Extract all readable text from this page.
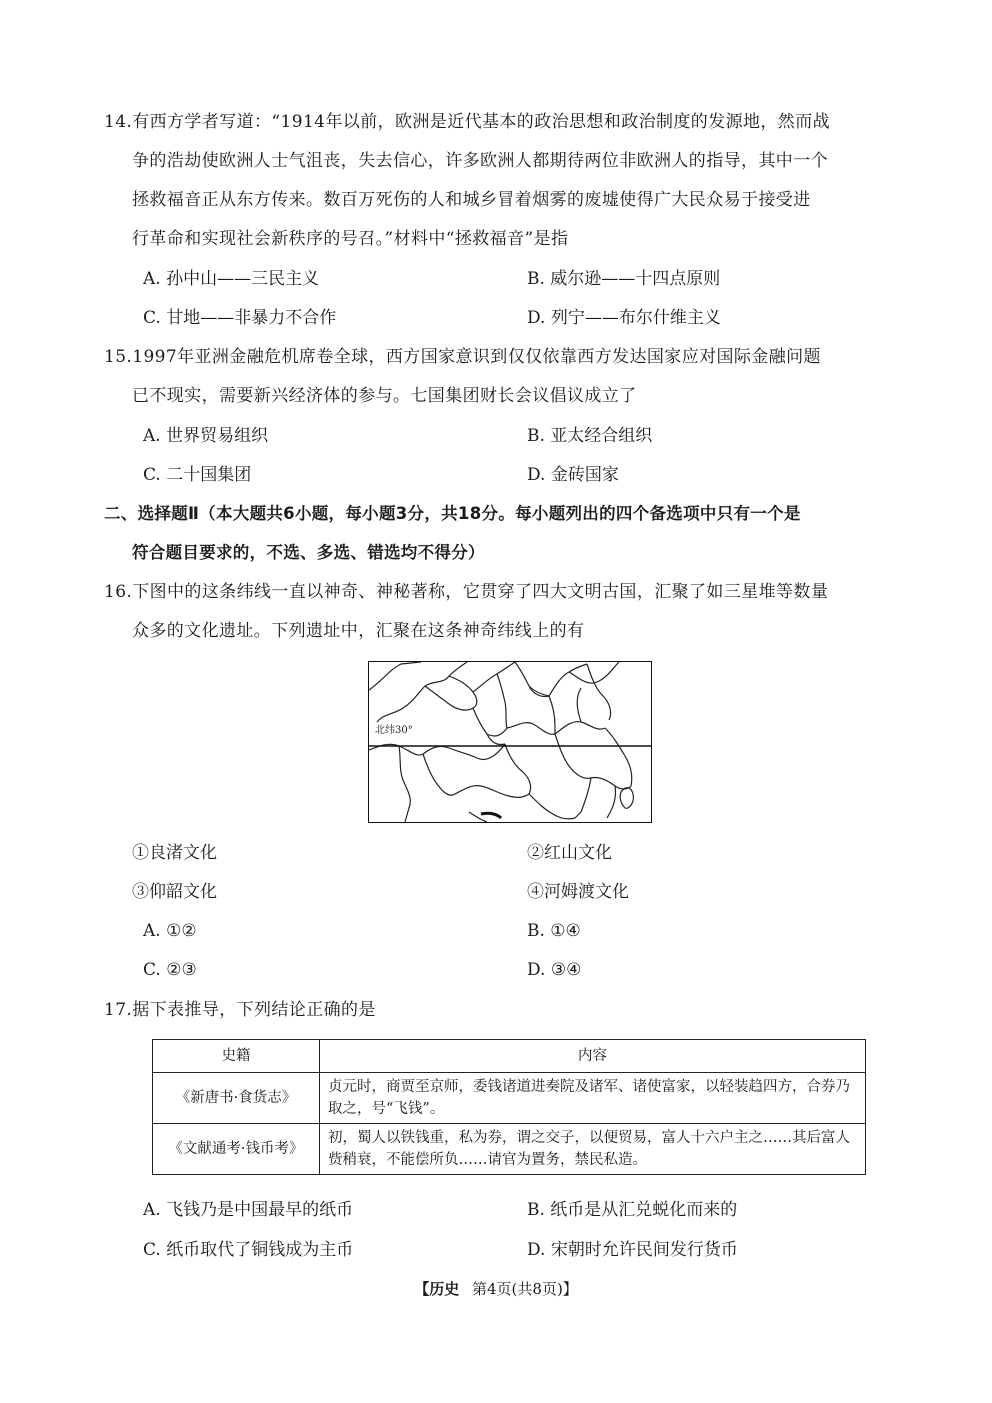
14.有西方学者写道：“1914年以前，欧洲是近代基本的政治思想和政治制度的发源地，然而战
争的浩劫使欧洲人士气沮丧，失去信心，许多欧洲人都期待两位非欧洲人的指导，其中一个
拯救福音正从东方传来。数百万死伤的人和城乡冒着烟雾的废墟使得广大民众易于接受进
行革命和实现社会新秩序的号召。”材料中“拯救福音”是指
A. 孙中山——三民主义	B. 威尔逊——十四点原则
C. 甘地——非暴力不合作	D. 列宁——布尔什维主义
15.1997年亚洲金融危机席卷全球，西方国家意识到仅仅依靠西方发达国家应对国际金融问题
已不现实，需要新兴经济体的参与。七国集团财长会议倡议成立了
A. 世界贸易组织	B. 亚太经合组织
C. 二十国集团	D. 金砖国家
二、选择题Ⅱ（本大题共6小题，每小题3分，共18分。每小题列出的四个备选项中只有一个是
符合题目要求的，不选、多选、错选均不得分）
16.下图中的这条纬线一直以神奇、神秘著称，它贯穿了四大文明古国，汇聚了如三星堆等数量
众多的文化遗址。下列遗址中，汇聚在这条神奇纬线上的有
北纬30°
①良渚文化	②红山文化
③仰韶文化	④河姆渡文化
A. ①②	B. ①④
C. ②③	D. ③④
17.据下表推导，下列结论正确的是
史籍	内容
《新唐书·食货志》	贞元时，商贾至京师，委钱诸道进奏院及诸军、诸使富家，以轻装趋四方，合券乃取之，号“飞钱”。
《文献通考·钱币考》	初，蜀人以铁钱重，私为券，谓之交子，以便贸易，富人十六户主之……其后富人赀稍衰，不能偿所负……请官为置务，禁民私造。
A. 飞钱乃是中国最早的纸币	B. 纸币是从汇兑蜕化而来的
C. 纸币取代了铜钱成为主币	D. 宋朝时允许民间发行货币
【历史 第4页(共8页)】
